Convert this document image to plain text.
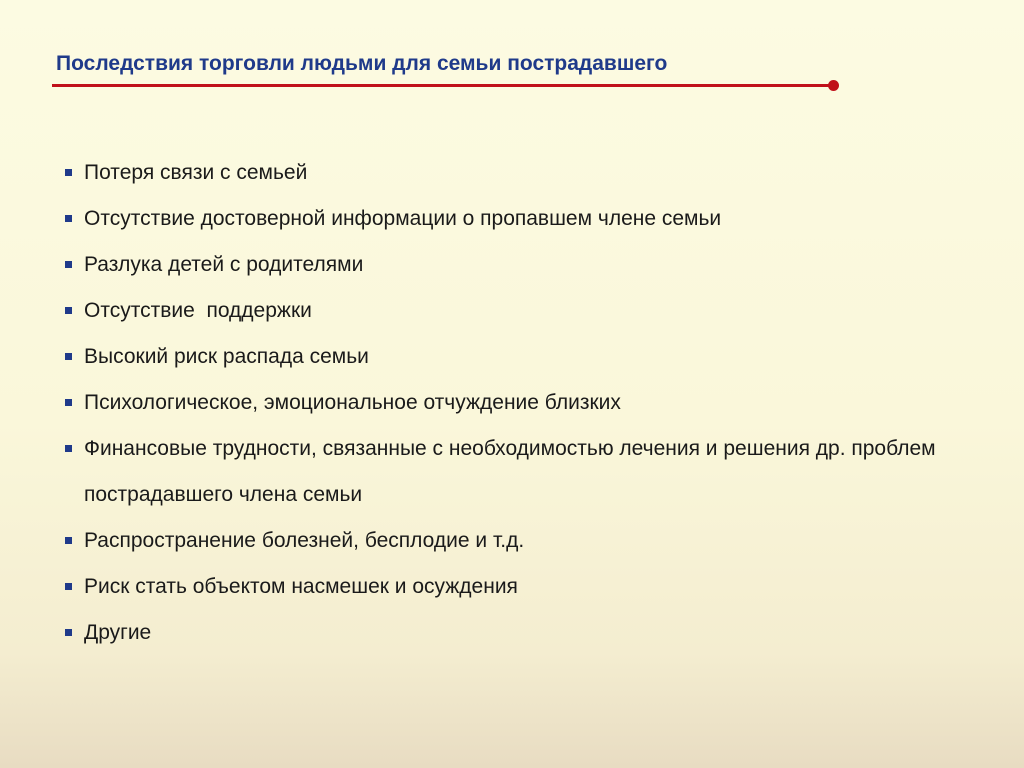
Последствия торговли людьми для семьи пострадавшего
Потеря связи с семьей
Отсутствие достоверной информации о пропавшем члене семьи
Разлука детей с родителями
Отсутствие  поддержки
Высокий риск распада семьи
Психологическое, эмоциональное отчуждение близких
Финансовые трудности, связанные с необходимостью лечения и решения др. проблем пострадавшего члена семьи
Распространение болезней, бесплодие и т.д.
Риск стать объектом насмешек и осуждения
Другие
